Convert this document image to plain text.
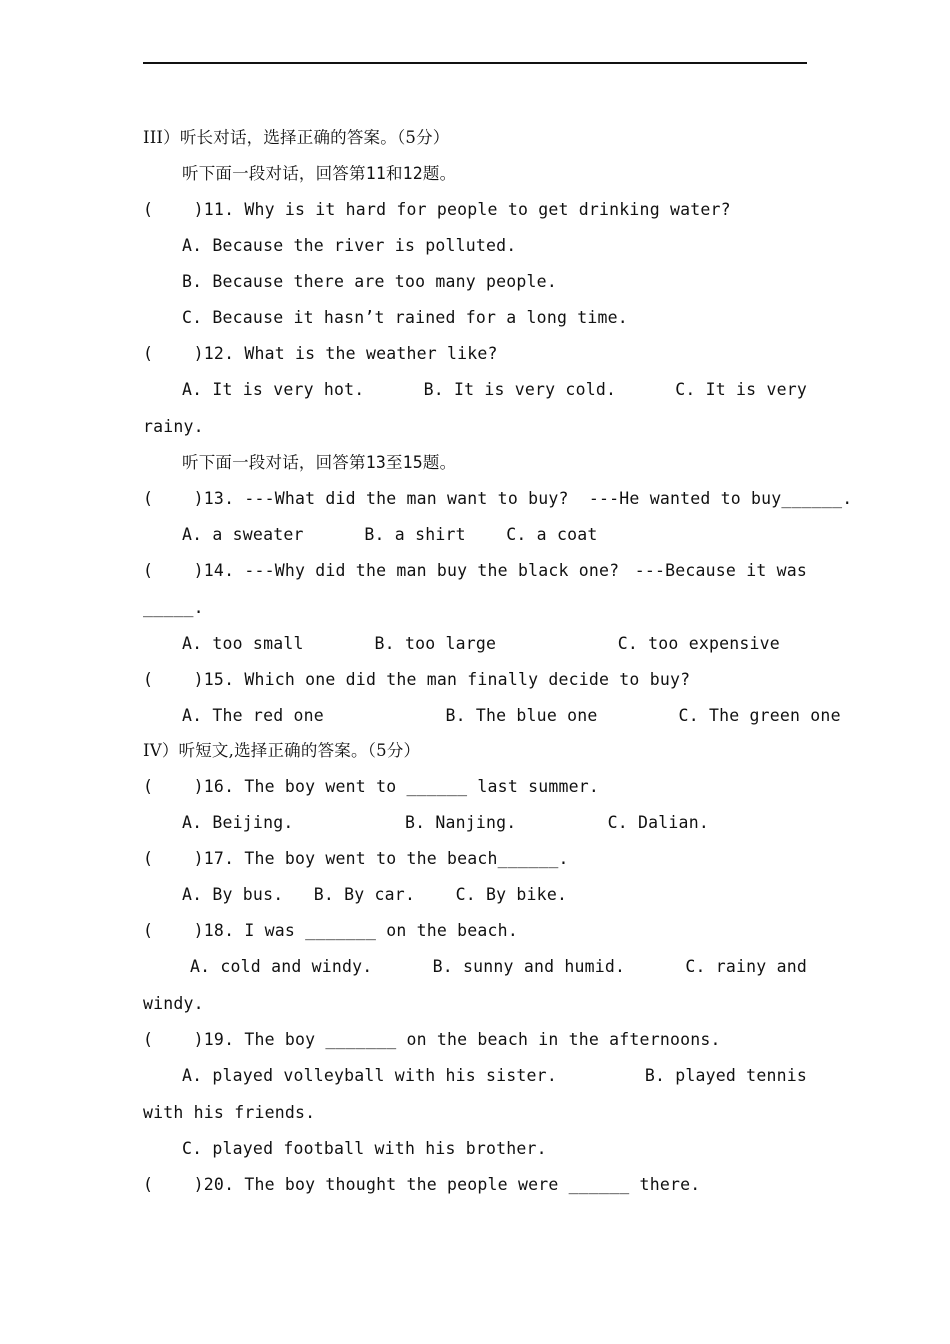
III）听长对话，选择正确的答案。（5分）
听下面一段对话，回答第11和12题。
(    )11. Why is it hard for people to get drinking water?
A. Because the river is polluted.
B. Because there are too many people.
C. Because it hasn’t rained for a long time.
(    )12. What is the weather like?
A. It is very hot.	B. It is very cold.	C. It is very
rainy.
听下面一段对话，回答第13至15题。
(    )13. ---What did the man want to buy?  ---He wanted to buy______.
A. a sweater      B. a shirt    C. a coat
(    )14. ---Why did the man buy the black one? ---Because it was
_____.
A. too small       B. too large            C. too expensive
(    )15. Which one did the man finally decide to buy?
A. The red one            B. The blue one        C. The green one
IV）听短文,选择正确的答案。（5分）
(    )16. The boy went to ______ last summer.
A. Beijing.           B. Nanjing.         C. Dalian.
(    )17. The boy went to the beach______.
A. By bus.   B. By car.    C. By bike.
(    )18. I was _______ on the beach.
A. cold and windy.	B. sunny and humid.	C. rainy and
windy.
(    )19. The boy _______ on the beach in the afternoons.
A. played volleyball with his sister.	B. played tennis
with his friends.
C. played football with his brother.
(    )20. The boy thought the people were ______ there.
